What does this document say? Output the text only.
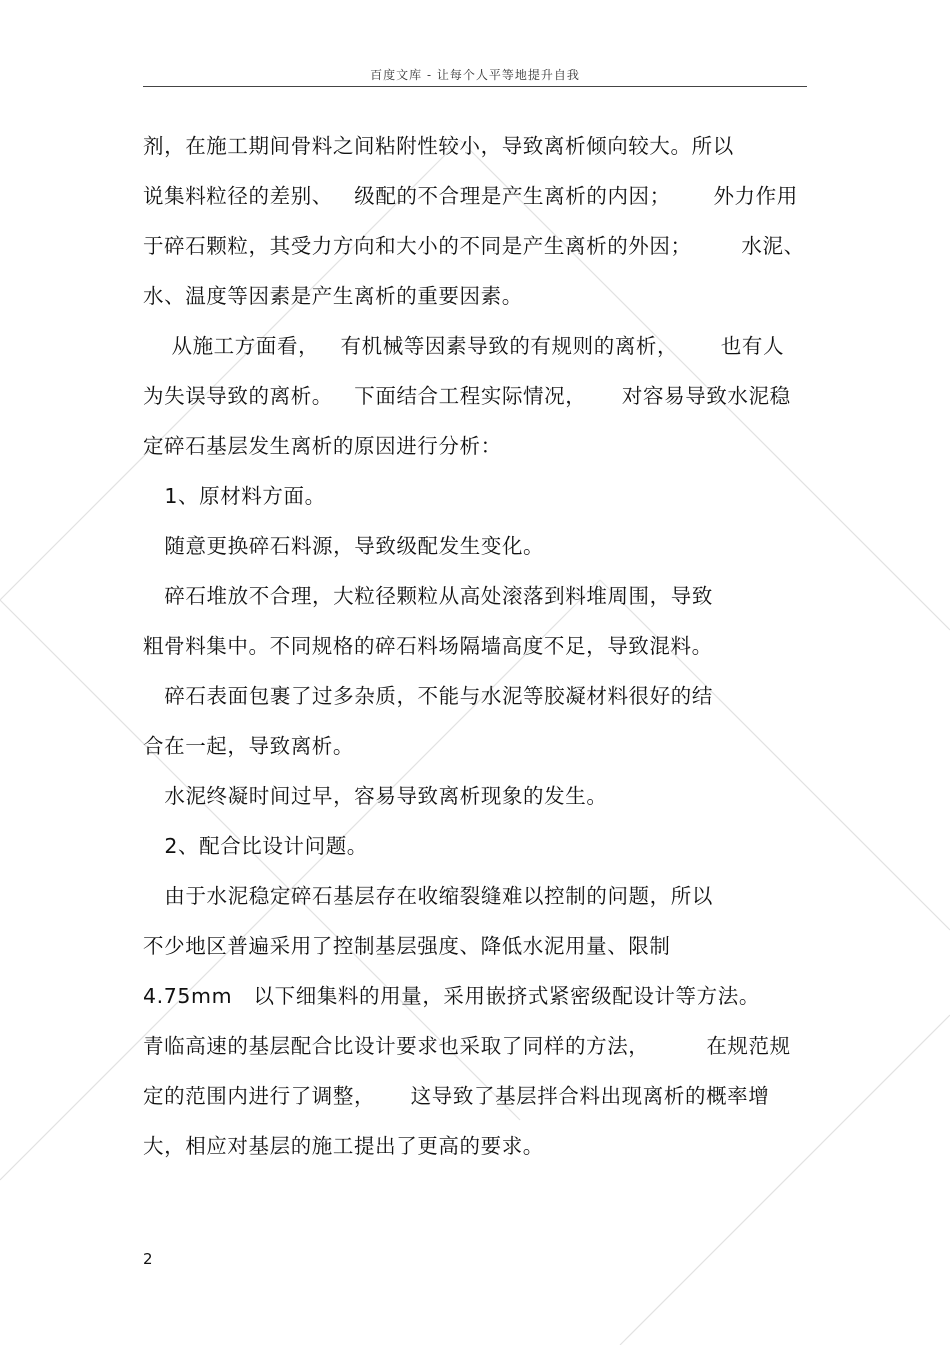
百度文库 - 让每个人平等地提升自我
剂，在施工期间骨料之间粘附性较小，导致离析倾向较大。所以
说集料粒径的差别、   级配的不合理是产生离析的内因；      外力作用
于碎石颗粒，其受力方向和大小的不同是产生离析的外因；       水泥、
水、温度等因素是产生离析的重要因素。
从施工方面看，   有机械等因素导致的有规则的离析，      也有人
为失误导致的离析。   下面结合工程实际情况，     对容易导致水泥稳
定碎石基层发生离析的原因进行分析：
1、原材料方面。
随意更换碎石料源，导致级配发生变化。
碎石堆放不合理，大粒径颗粒从高处滚落到料堆周围，导致
粗骨料集中。不同规格的碎石料场隔墙高度不足，导致混料。
碎石表面包裹了过多杂质，不能与水泥等胶凝材料很好的结
合在一起，导致离析。
水泥终凝时间过早，容易导致离析现象的发生。
2、配合比设计问题。
由于水泥稳定碎石基层存在收缩裂缝难以控制的问题，所以
不少地区普遍采用了控制基层强度、降低水泥用量、限制
4.75mm   以下细集料的用量，采用嵌挤式紧密级配设计等方法。
青临高速的基层配合比设计要求也采取了同样的方法，        在规范规
定的范围内进行了调整，     这导致了基层拌合料出现离析的概率增
大，相应对基层的施工提出了更高的要求。
2
